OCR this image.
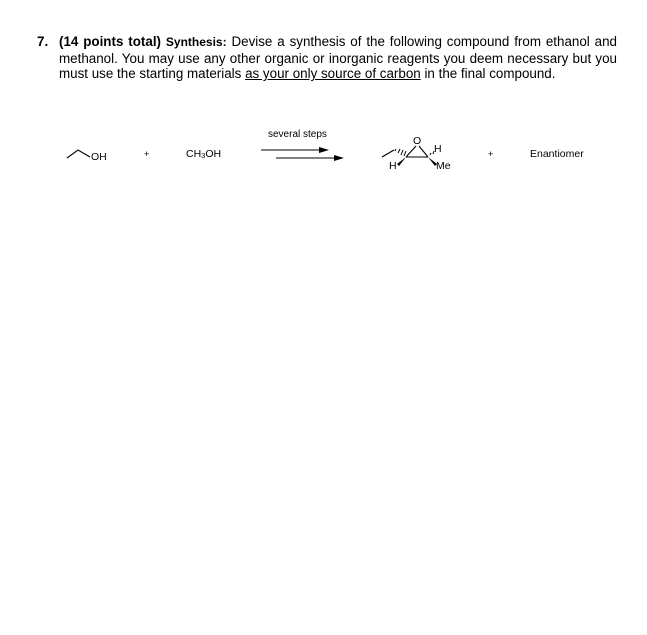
7. (14 points total) Synthesis: Devise a synthesis of the following compound from ethanol and methanol. You may use any other organic or inorganic reagents you deem necessary but you must use the starting materials as your only source of carbon in the final compound.
OH	+	$CH_3OH$
several steps
O
H
H	Me
+	Enantiomer
